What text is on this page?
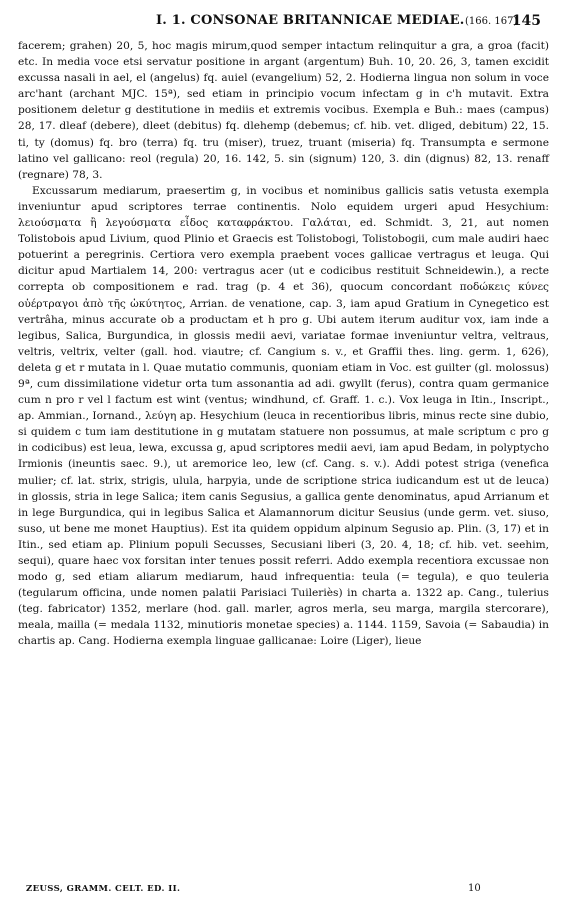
I. 1. CONSONAE BRITANNICAE MEDIAE. (166. 167)
145

facerem; grahen) 20, 5, hoc magis mirum,quod semper intactum relinquitur a gra, a groa (facit) etc. In media voce etsi servatur positione in argant (argentum) Buh. 10, 20. 26, 3, tamen excidit excussa nasali in ael, el (angelus) fq. auiel (evangelium) 52, 2. Hodierna lingua non solum in voce arc'hant (archant MJC. 15ª), sed etiam in principio vocum infectam g in c'h mutavit. Extra positionem deletur g destitutione in mediis et extremis vocibus. Exempla e Buh.: maes (campus) 28, 17. dleaf (debere), dleet (debitus) fq. dlehemp (debemus; cf. hib. vet. dliged, debitum) 22, 15. ti, ty (domus) fq. bro (terra) fq. tru (miser), truez, truant (miseria) fq. Transumpta e sermone latino vel gallicano: reol (regula) 20, 16. 142, 5. sin (signum) 120, 3. din (dignus) 82, 13. renaff (regnare) 78, 3.

Excussarum mediarum, praesertim g, in vocibus et nominibus gallicis satis vetusta exempla inveniuntur apud scriptores terrae continentis. Nolo equidem urgeri apud Hesychium: λειούσματα ἢ λεγούσματα εἶδος καταφράκτου. Γαλάται, ed. Schmidt. 3, 21, aut nomen Tolistobois apud Livium, quod Plinio et Graecis est Tolistobogi, Tolistobogii, cum male audiri haec potuerint a peregrinis. Certiora vero exempla praebent voces gallicae vertragus et leuga. Qui dicitur apud Martialem 14, 200: vertragus acer (ut e codicibus restituit Schneidewin.), a recte correpta ob compositionem e rad. trag (p. 4 et 36), quocum concordant ποδώκεις κύνες οὐέρτραγοι ἀπὸ τῆς ὠκύτητος, Arrian. de venatione, cap. 3, iam apud Gratium in Cynegetico est vertrâha, minus accurate ob a productam et h pro g. Ubi autem iterum auditur vox, iam inde a legibus, Salica, Burgundica, in glossis medii aevi, variatae formae inveniuntur veltra, veltraus, veltris, veltrix, velter (gall. hod. viautre; cf. Cangium s. v., et Graffii thes. ling. germ. 1, 626), deleta g et r mutata in l. Quae mutatio communis, quoniam etiam in Voc. est guilter (gl. molossus) 9ª, cum dissimilatione videtur orta tum assonantia ad adi. gwyllt (ferus), contra quam germanice cum n pro r vel l factum est wint (ventus; windhund, cf. Graff. 1. c.). Vox leuga in Itin., Inscript., ap. Ammian., Iornand., λεύγη ap. Hesychium (leuca in recentioribus libris, minus recte sine dubio, si quidem c tum iam destitutione in g mutatam statuere non possumus, at male scriptum c pro g in codicibus) est leua, lewa, excussa g, apud scriptores medii aevi, iam apud Bedam, in polyptycho Irmionis (ineuntis saec. 9.), ut aremorice leo, lew (cf. Cang. s. v.). Addi potest striga (venefica mulier; cf. lat. strix, strigis, ulula, harpyia, unde de scriptione strica iudicandum est ut de leuca) in glossis, stria in lege Salica; item canis Segusius, a gallica gente denominatus, apud Arrianum et in lege Burgundica, qui in legibus Salica et Alamannorum dicitur Seusius (unde germ. vet. siuso, suso, ut bene me monet Hauptius). Est ita quidem oppidum alpinum Segusio ap. Plin. (3, 17) et in Itin., sed etiam ap. Plinium populi Secusses, Secusiani liberi (3, 20. 4, 18; cf. hib. vet. seehim, sequi), quare haec vox forsitan inter tenues possit referri. Addo exempla recentiora excussae non modo g, sed etiam aliarum mediarum, haud infrequentia: teula (= tegula), e quo teuleria (tegularum officina, unde nomen palatii Parisiaci Tuileriès) in charta a. 1322 ap. Cang., tulerius (teg. fabricator) 1352, merlare (hod. gall. marler, agros merla, seu marga, margila stercorare), meala, mailla (= medala 1132, minutioris monetae species) a. 1144. 1159, Savoia (= Sabaudia) in chartis ap. Cang. Hodierna exempla linguae gallicanae: Loire (Liger), lieue

ZEUSS, GRAMM. CELT. ED. II.	10
